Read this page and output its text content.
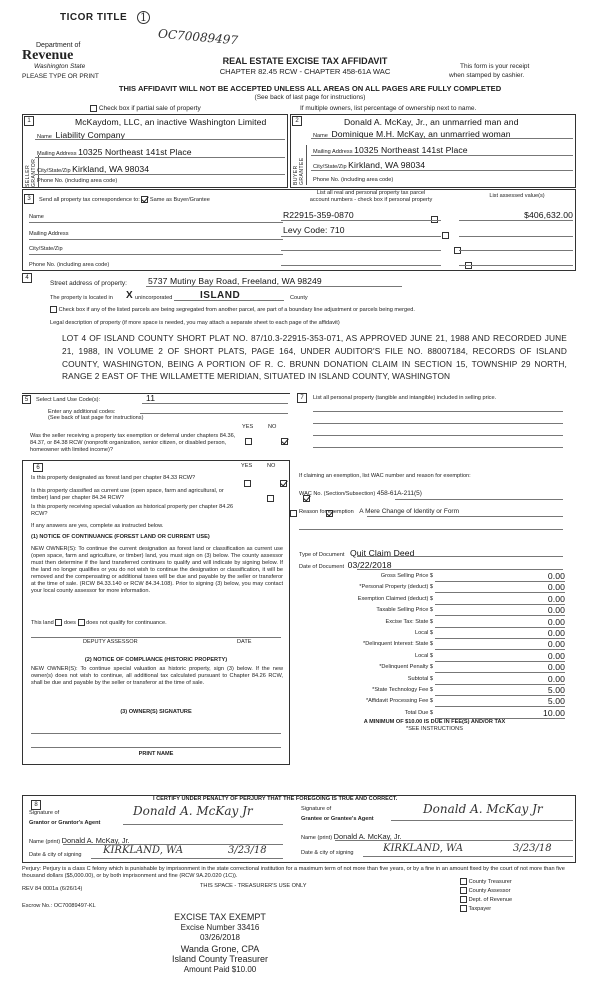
TICOR TITLE 1
OC70089497
Department of
Revenue
Washington State
PLEASE TYPE OR PRINT
REAL ESTATE EXCISE TAX AFFIDAVIT
CHAPTER 82.45 RCW - CHAPTER 458-61A WAC
This form is your receipt
when stamped by cashier.
THIS AFFIDAVIT WILL NOT BE ACCEPTED UNLESS ALL AREAS ON ALL PAGES ARE FULLY COMPLETED
(See back of last page for instructions)
Check box if partial sale of property	If multiple owners, list percentage of ownership next to name.
1
SELLER GRANTOR
McKaydom, LLC, an inactive Washington Limited
Name Liability Company
Mailing Address 10325 Northeast 141st Place
City/State/Zip Kirkland, WA 98034
Phone No. (including area code)
2
BUYER GRANTEE
Donald A. McKay, Jr., an unmarried man and
Name Dominique M.H. McKay, an unmarried woman
Mailing Address 10325 Northeast 141st Place
City/State/Zip Kirkland, WA 98034
Phone No. (including area code)
3	Send all property tax correspondence to: Same as Buyer/Grantee
Name
Mailing Address
City/State/Zip
Phone No. (including area code)
List all real and personal property tax parcel
account numbers - check box if personal property
List assessed value(s)
R22915-359-0870
	$406,632.00
Levy Code: 710

4
Street address of property: 5737 Mutiny Bay Road, Freeland, WA 98249
The property is located in X unincorporated	ISLAND	County
Check box if any of the listed parcels are being segregated from another parcel, are part of a boundary line adjustment or parcels being merged.
Legal description of property (if more space is needed, you may attach a separate sheet to each page of the affidavit)
LOT 4 OF ISLAND COUNTY SHORT PLAT NO. 87/10.3-22915-353-071, AS APPROVED JUNE 21, 1988 AND RECORDED JUNE 21, 1988, IN VOLUME 2 OF SHORT PLATS, PAGE 164, UNDER AUDITOR'S FILE NO. 88007184, RECORDS OF ISLAND COUNTY, WASHINGTON, BEING A PORTION OF R. C. BRUNN DONATION CLAIM IN SECTION 15, TOWNSHIP 29 NORTH, RANGE 2 EAST OF THE WILLAMETTE MERIDIAN, SITUATED IN ISLAND COUNTY, WASHINGTON
5	Select Land Use Code(s):	11
Enter any additional codes:
(See back of last page for instructions)
YES	NO
Was the seller receiving a property tax exemption or deferral under chapters 84.36, 84.37, or 84.38 RCW (nonprofit organization, senior citizen, or disabled person, homeowner with limited income)?

6	YES	NO
Is this property designated as forest land per chapter 84.33 RCW?

Is this property classified as current use (open space, farm and agricultural, or timber) land per chapter 84.34 RCW?

Is this property receiving special valuation as historical property per chapter 84.26 RCW?

If any answers are yes, complete as instructed below.
(1) NOTICE OF CONTINUANCE (FOREST LAND OR CURRENT USE)
NEW OWNER(S): To continue the current designation as forest land or classification as current use (open space, farm and agriculture, or timber) land, you must sign on (3) below. The county assessor must then determine if the land transferred continues to qualify and will indicate by signing below. If the land no longer qualifies or you do not wish to continue the designation or classification, it will be removed and the compensating or additional taxes will be due and payable by the seller or transferor at the time of sale. (RCW 84.33.140 or RCW 84.34.108). Prior to signing (3) below, you may contact your local county assessor for more information.
This land does does not qualify for continuance.
DEPUTY ASSESSOR	DATE
(2) NOTICE OF COMPLIANCE (HISTORIC PROPERTY)
NEW OWNER(S): To continue special valuation as historic property, sign (3) below. If the new owner(s) does not wish to continue, all additional tax calculated pursuant to Chapter 84.26 RCW, shall be due and payable by the seller or transferor at the time of sale.
(3) OWNER(S) SIGNATURE
PRINT NAME
7	List all personal property (tangible and intangible) included in selling price.
If claiming an exemption, list WAC number and reason for exemption:
WAC No. (Section/Subsection) 458-61A-211(5)
Reason for exemption A Mere Change of Identity or Form
Type of Document Quit Claim Deed
Date of Document 03/22/2018
Gross Selling Price $	0.00
*Personal Property (deduct) $	0.00
Exemption Claimed (deduct) $	0.00
Taxable Selling Price $	0.00
Excise Tax: State $	0.00
Local $	0.00
*Delinquent Interest: State $	0.00
Local $	0.00
*Delinquent Penalty $	0.00
Subtotal $	0.00
*State Technology Fee $	5.00
*Affidavit Processing Fee $	5.00
Total Due $	10.00
A MINIMUM OF $10.00 IS DUE IN FEE(S) AND/OR TAX
*SEE INSTRUCTIONS
8
I CERTIFY UNDER PENALTY OF PERJURY THAT THE FOREGOING IS TRUE AND CORRECT.
Signature of
Grantor or Grantor's Agent
Donald A. McKay Jr
Name (print) Donald A. McKay, Jr.
Date & city of signing KIRKLAND, WA	3/23/18
Signature of
Grantee or Grantee's Agent
Donald A. McKay Jr
Name (print) Donald A. McKay, Jr.
Date & city of signing	KIRKLAND, WA	3/23/18
Perjury: Perjury is a class C felony which is punishable by imprisonment in the state correctional institution for a maximum term of not more than five years, or by a fine in an amount fixed by the court of not more than five thousand dollars ($5,000.00), or by both imprisonment and fine (RCW 9A.20.020 (1C)).
REV 84 0001a (6/26/14)	THIS SPACE - TREASURER'S USE ONLY
Escrow No.: OC70089497-KL
County Treasurer
County Assessor
Dept. of Revenue
Taxpayer
EXCISE TAX EXEMPT
Excise Number 33416
03/26/2018
Wanda Grone, CPA
Island County Treasurer
Amount Paid $10.00
